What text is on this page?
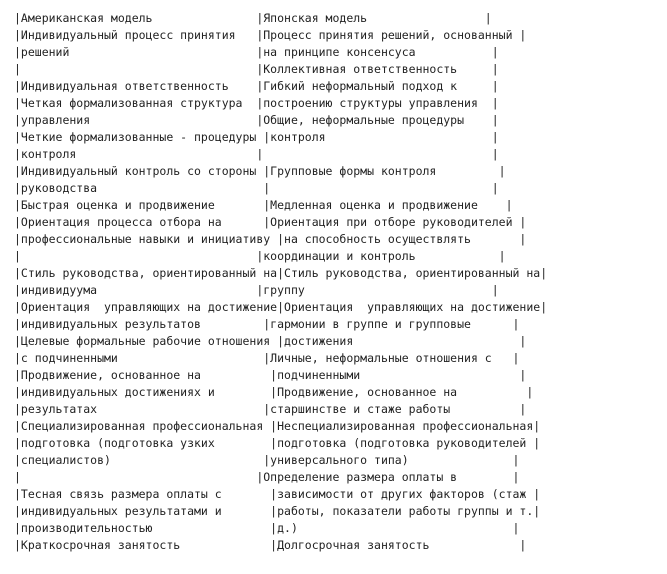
|Американская модель               |Японская модель                 |
|Индивидуальный процесс принятия   |Процесс принятия решений, основанный |
|решений                           |на принципе консенсуса           |
|                                  |Коллективная ответственность     |
|Индивидуальная ответственность    |Гибкий неформальный подход к     |
|Четкая формализованная структура  |построению структуры управления  |
|управления                        |Общие, неформальные процедуры    |
|Четкие формализованные - процедуры |контроля                        |
|контроля                          |                                 |
|Индивидуальный контроль со стороны |Групповые формы контроля         |
|руководства                        |                                |
|Быстрая оценка и продвижение       |Медленная оценка и продвижение    |
|Ориентация процесса отбора на      |Ориентация при отборе руководителей |
|профессиональные навыки и инициативу |на способность осуществлять       |
|                                  |координации и контроль            |
|Стиль руководства, ориентированный на|Стиль руководства, ориентированный на|
|индивидуума                       |группу                           |
|Ориентация  управляющих на достижение|Ориентация  управляющих на достижение|
|индивидуальных результатов         |гармонии в группе и групповые      |
|Целевые формальные рабочие отношения |достижения                        |
|с подчиненными                     |Личные, неформальные отношения с   |
|Продвижение, основанное на          |подчиненными                       |
|индивидуальных достижениях и        |Продвижение, основанное на          |
|результатах                        |старшинстве и стаже работы          |
|Специализированная профессиональная |Неспециализированная профессиональная|
|подготовка (подготовка узких        |подготовка (подготовка руководителей |
|специалистов)                      |универсального типа)               |
|                                  |Определение размера оплаты в        |
|Тесная связь размера оплаты с       |зависимости от других факторов (стаж |
|индивидуальных результатами и       |работы, показатели работы группы и т.|
|производительностью                 |д.)                               |
|Краткосрочная занятость             |Долгосрочная занятость             |
